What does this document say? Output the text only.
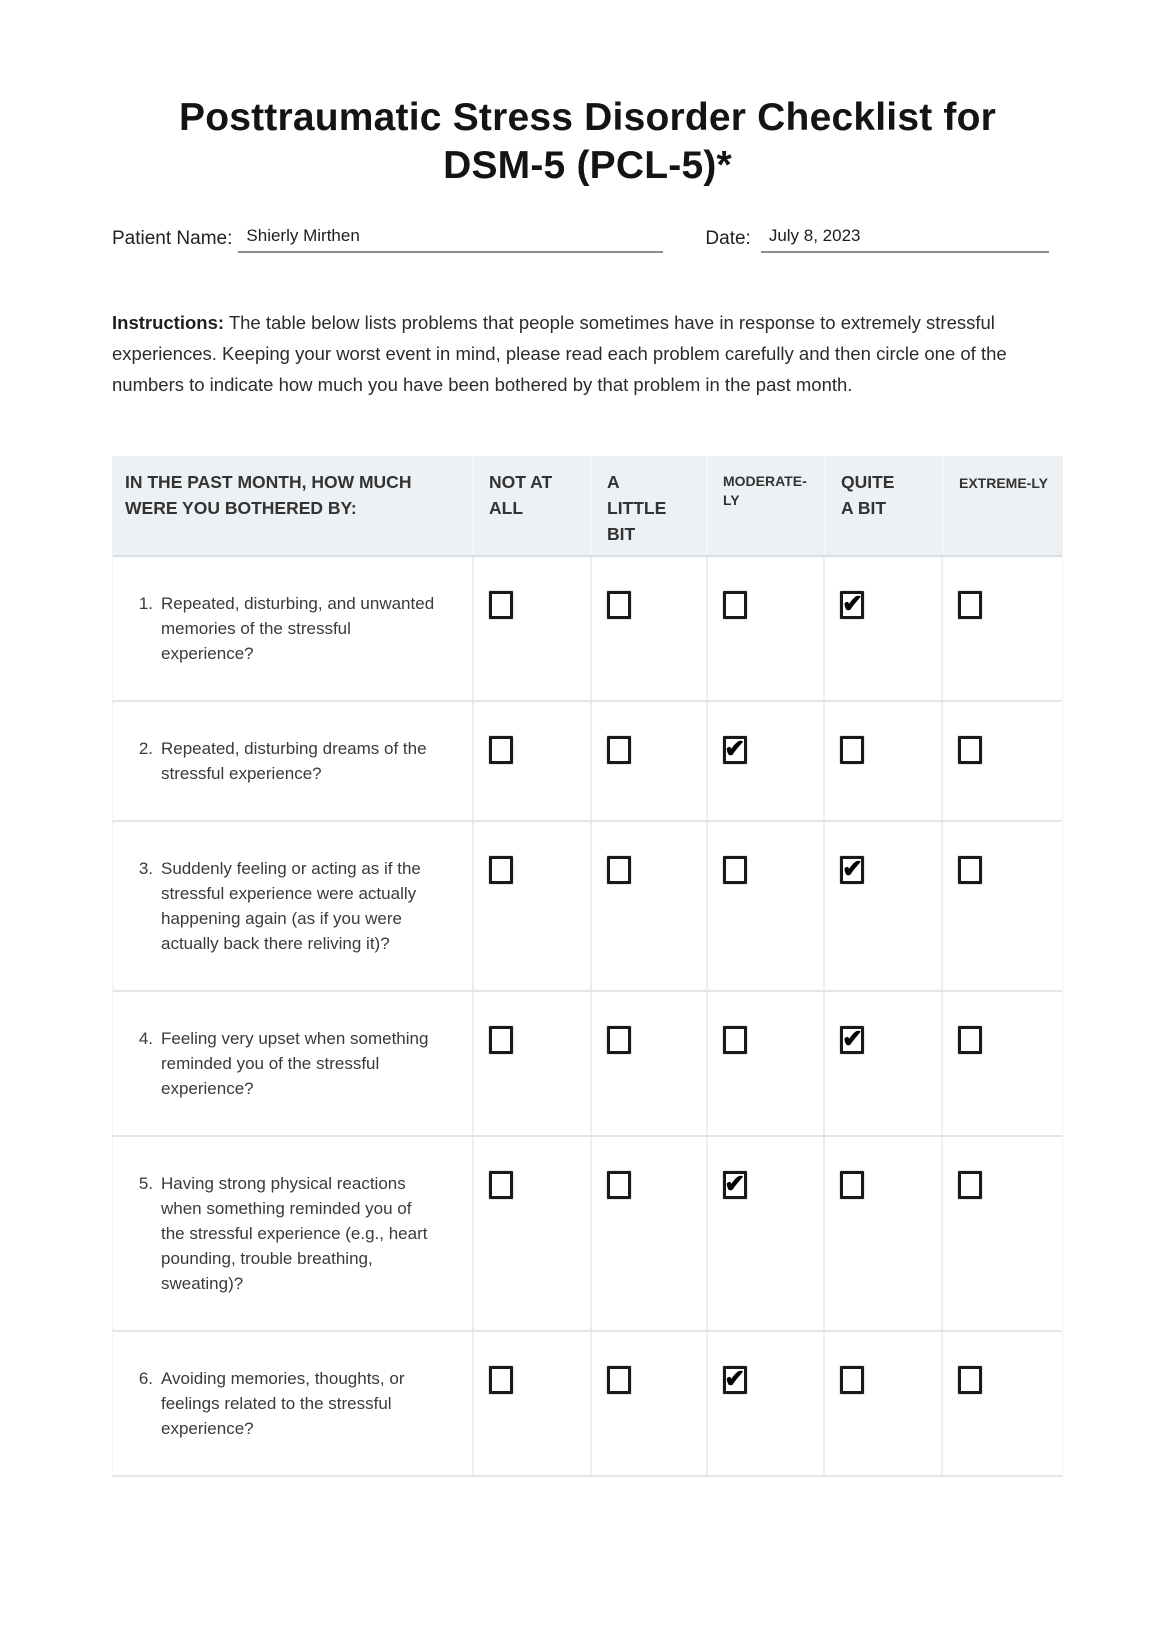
Posttraumatic Stress Disorder Checklist for
DSM-5 (PCL-5)*
Patient Name: Shierly Mirthen	Date:	July 8, 2023

Instructions: The table below lists problems that people sometimes have in response to extremely stressful experiences. Keeping your worst event in mind, please read each problem carefully and then circle one of the numbers to indicate how much you have been bothered by that problem in the past month.

IN THE PAST MONTH, HOW MUCH WERE YOU BOTHERED BY:
NOT AT ALL
A LITTLE BIT
MODERATE-LY
QUITE A BIT
EXTREME-LY
1. Repeated, disturbing, and unwanted memories of the stressful experience?
✔
2. Repeated, disturbing dreams of the stressful experience?
✔
3. Suddenly feeling or acting as if the stressful experience were actually happening again (as if you were actually back there reliving it)?
✔
4. Feeling very upset when something reminded you of the stressful experience?
✔
5. Having strong physical reactions when something reminded you of the stressful experience (e.g., heart pounding, trouble breathing, sweating)?
✔
6. Avoiding memories, thoughts, or feelings related to the stressful experience?
✔
